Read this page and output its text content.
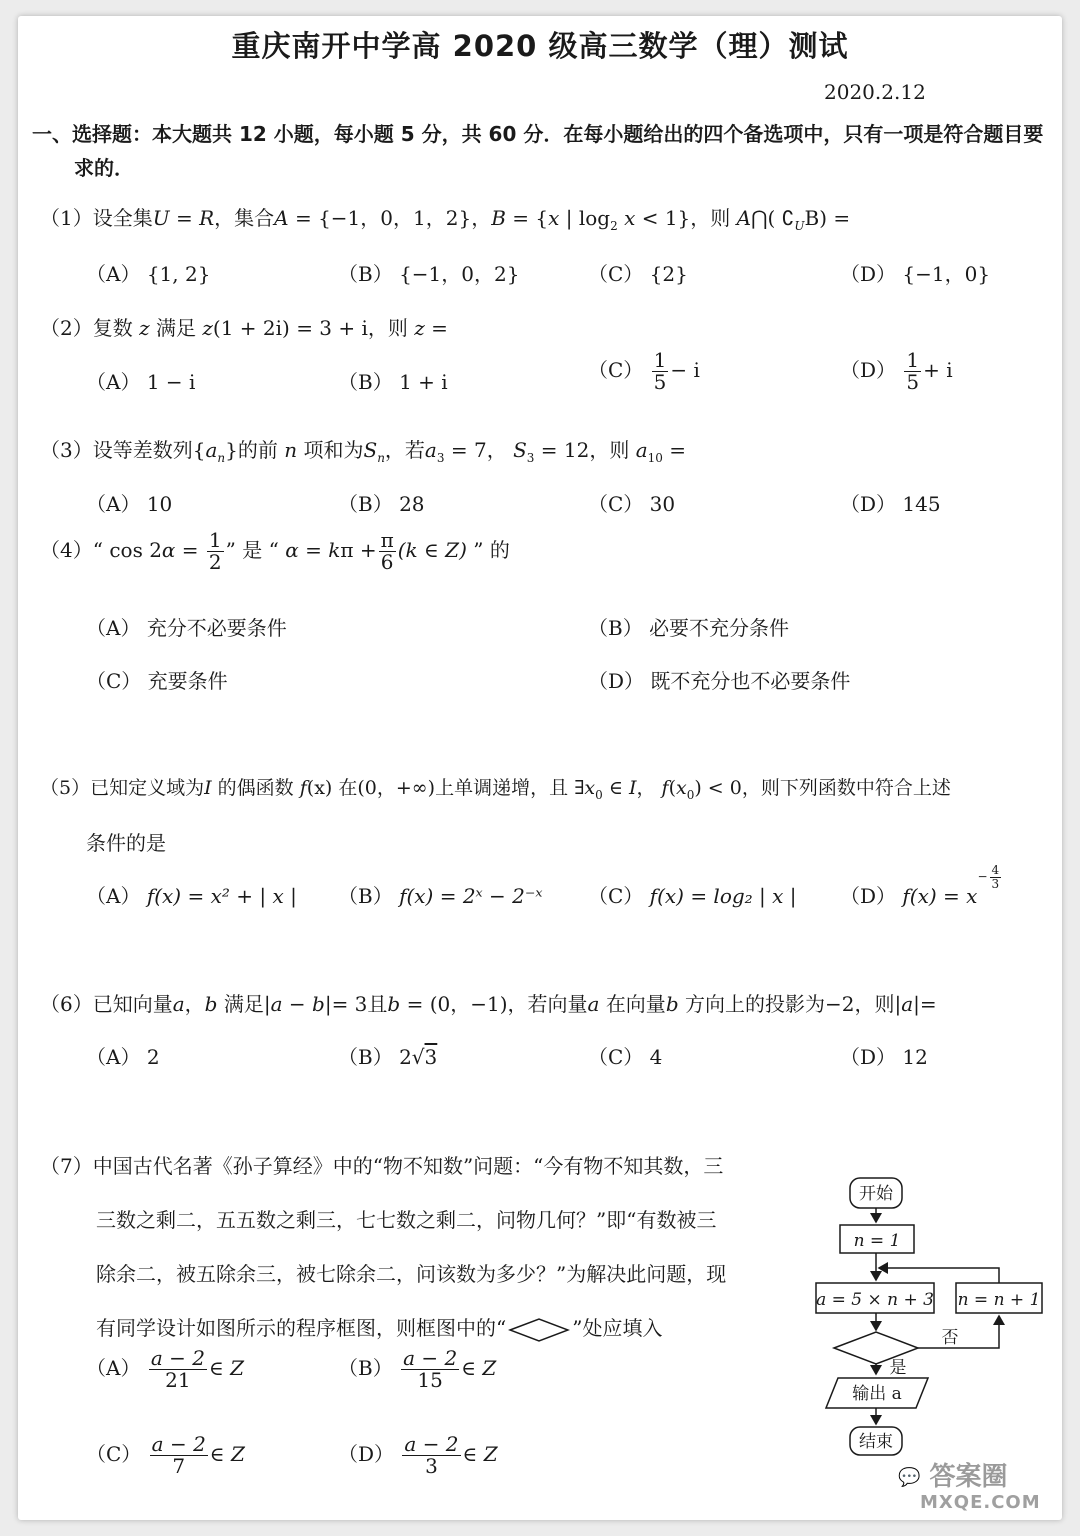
重庆南开中学高 2020 级高三数学（理）测试
2020.2.12
一、选择题：本大题共 12 小题，每小题 5 分，共 60 分．在每小题给出的四个备选项中，只有一项是符合题目要
求的．
（1）设全集U = R，集合A = {−1，0，1，2}，B = {x | $\log_2 x < 1$}，则 A⋂( $∁_UB$) =
（A） {1, 2}	（B） {−1，0，2}	（C） {2}	（D） {−1，0}
（2）复数 z 满足 z(1 + 2i) = 3 + i，则 z =
（A） 1 − i	（B） 1 + i	$(C) \frac{1}{5} - i$	$(D) \frac{1}{5} + i$
（3）设等差数列$\{a_n\}$的前 n 项和为$S_n$，若$a_3 = 7$， $S_3 = 12$，则 $a_{10}$ =
（A） 10	（B） 28	（C） 30	（D） 145
（4）“ $\cos 2\alpha = \frac{1}{2}$ ” 是 “ $\alpha = k\pi + \frac{\pi}{6} (k$ ∈ Z) ” 的
（A） 充分不必要条件	（B） 必要不充分条件
（C） 充要条件	（D） 既不充分也不必要条件
（5）已知定义域为I 的偶函数 f(x) 在(0，+∞)上单调递增，且 $\exists x_0$ ∈ I， $f(x_0) < 0$，则下列函数中符合上述
条件的是
（A） f(x) = x² + | x | （B） f(x) = 2ˣ − 2⁻ˣ （C） f(x) = log₂ | x | （D） $f(x) = x- \frac{4}{3}$
（6）已知向量a，b 满足|a − b|= 3且b = (0，−1)，若向量a 在向量b 方向上的投影为−2，则|a|=
（A） 2	（B） 2√3	（C） 4	（D） 12
（7）中国古代名著《孙子算经》中的“物不知数”问题：“今有物不知其数，三
三数之剩二，五五数之剩三，七七数之剩二，问物几何？”即“有数被三
除余二，被五除余三，被七除余二，问该数为多少？”为解决此问题，现
有同学设计如图所示的程序框图，则框图中的“	”处应填入
$(A) \frac{a - 2}{21}$ ∈ Z	$(B) \frac{a - 2}{15}$ ∈ Z
$(C) \frac{a - 2}{7}$ ∈ Z	$(D) \frac{a - 2}{3}$ ∈ Z
开始
n = 1
a = 5 × n + 3 n = n + 1
否
是
输出 a
结束
💬 答案圈
MXQE.COM
